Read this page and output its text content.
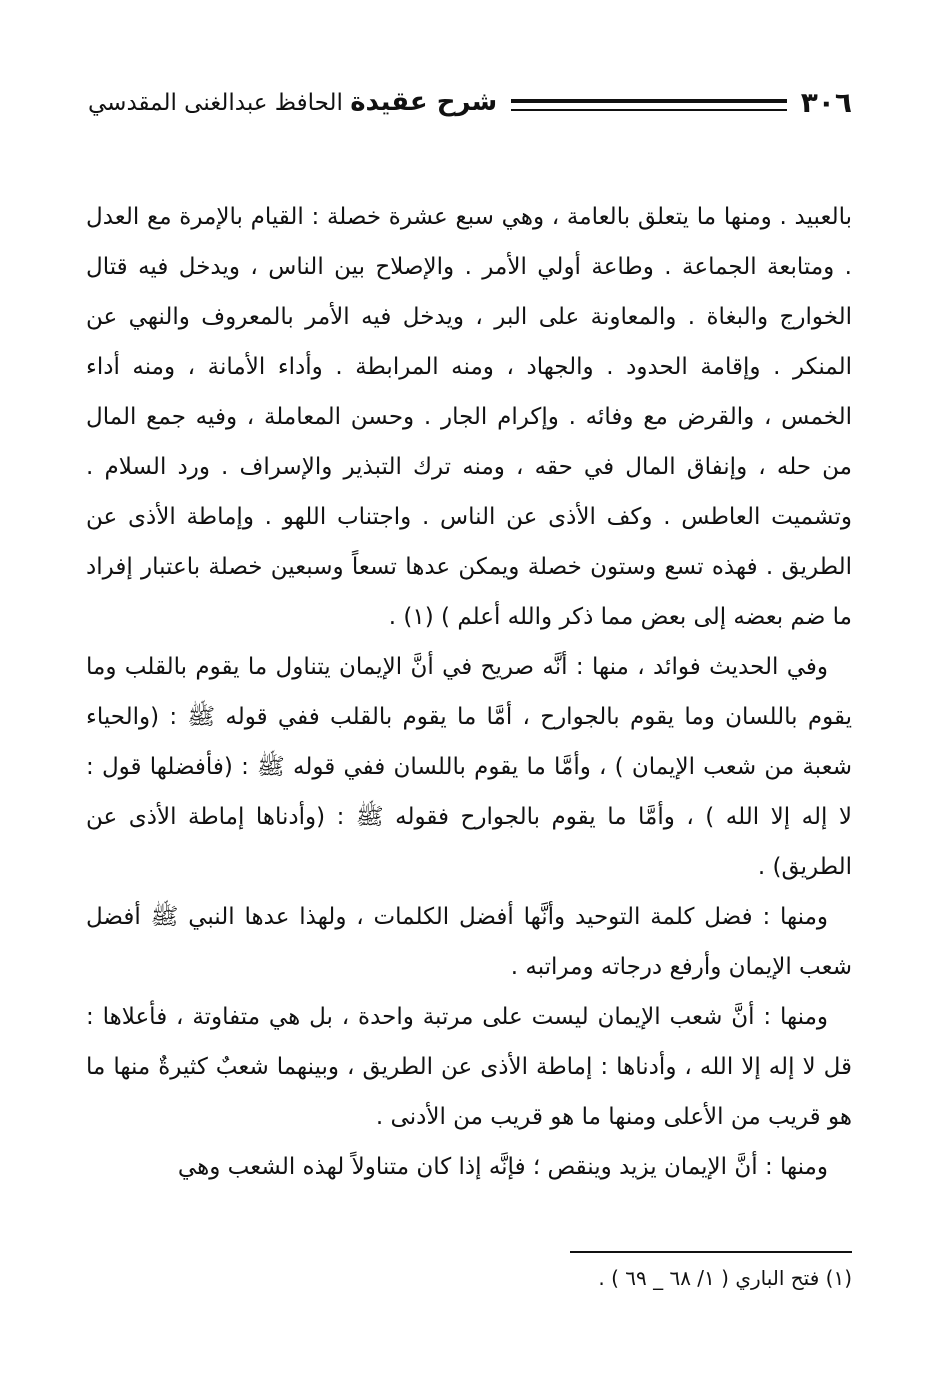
٣٠٦
شرح عقيدة الحافظ عبدالغنى المقدسي

بالعبيد . ومنها ما يتعلق بالعامة ، وهي سبع عشرة خصلة : القيام بالإمرة مع العدل . ومتابعة الجماعة . وطاعة أولي الأمر . والإصلاح بين الناس ، ويدخل فيه قتال الخوارج والبغاة . والمعاونة على البر ، ويدخل فيه الأمر بالمعروف والنهي عن المنكر . وإقامة الحدود . والجهاد ، ومنه المرابطة . وأداء الأمانة ، ومنه أداء الخمس ، والقرض مع وفائه . وإكرام الجار . وحسن المعاملة ، وفيه جمع المال من حله ، وإنفاق المال في حقه ، ومنه ترك التبذير والإسراف . ورد السلام . وتشميت العاطس . وكف الأذى عن الناس . واجتناب اللهو . وإماطة الأذى عن الطريق . فهذه تسع وستون خصلة ويمكن عدها تسعاً وسبعين خصلة باعتبار إفراد ما ضم بعضه إلى بعض مما ذكر والله أعلم ) (١) .

وفي الحديث فوائد ، منها : أنَّه صريح في أنَّ الإيمان يتناول ما يقوم بالقلب وما يقوم باللسان وما يقوم بالجوارح ، أمَّا ما يقوم بالقلب ففي قوله ﷺ : (والحياء شعبة من شعب الإيمان ) ، وأمَّا ما يقوم باللسان ففي قوله ﷺ : (فأفضلها قول : لا إله إلا الله ) ، وأمَّا ما يقوم بالجوارح فقوله ﷺ : (وأدناها إماطة الأذى عن الطريق) .

ومنها : فضل كلمة التوحيد وأنَّها أفضل الكلمات ، ولهذا عدها النبي ﷺ أفضل شعب الإيمان وأرفع درجاته ومراتبه .

ومنها : أنَّ شعب الإيمان ليست على مرتبة واحدة ، بل هي متفاوتة ، فأعلاها : قل لا إله إلا الله ، وأدناها : إماطة الأذى عن الطريق ، وبينهما شعبٌ كثيرةٌ منها ما هو قريب من الأعلى ومنها ما هو قريب من الأدنى .

ومنها : أنَّ الإيمان يزيد وينقص ؛ فإنَّه إذا كان متناولاً لهذه الشعب وهي

(١) فتح الباري ( ١/ ٦٨ _ ٦٩ ) .
